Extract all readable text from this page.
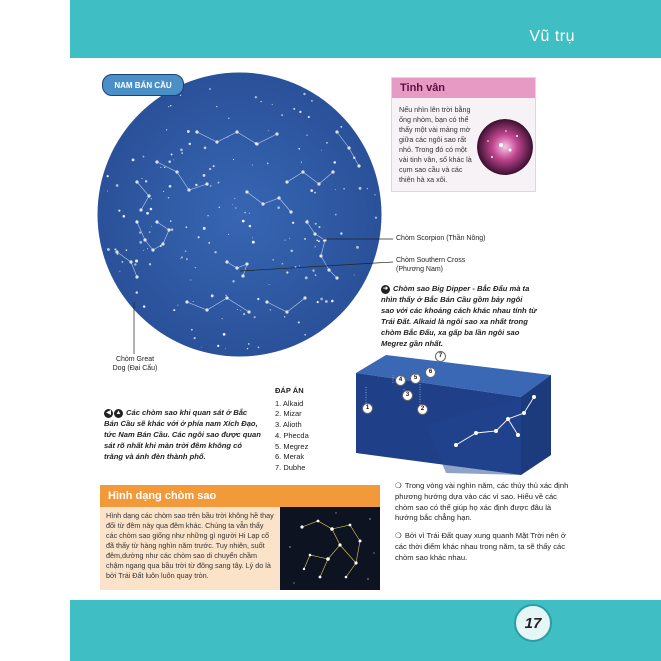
Vũ trụ
NAM BÁN CẦU
Chòm Scorpion (Thần Nông)
Chòm Southern Cross
(Phương Nam)
Chòm Great
Dog (Đại Cẩu)
Tinh vân
Nếu nhìn lên trời bằng ống nhòm, bạn có thể thấy một vài mảng mờ giữa các ngôi sao rất nhỏ. Trong đó có một vài tinh vân, số khác là cụm sao cầu và các thiên hà xa xôi.
➜ Chòm sao Big Dipper - Bắc Đẩu mà ta nhìn thấy ở Bắc Bán Cầu gồm bảy ngôi sao với các khoảng cách khác nhau tính từ Trái Đất. Alkaid là ngôi sao xa nhất trong chòm Bắc Đẩu, xa gấp ba lần ngôi sao Megrez gần nhất.
1	2
3
4	5
6
7
◀ ▲ Các chòm sao khi quan sát ở Bắc Bán Cầu sẽ khác với ở phía nam Xích Đạo, tức Nam Bán Cầu. Các ngôi sao được quan sát rõ nhất khi màn trời đêm không có trăng và ánh đèn thành phố.
ĐÁP ÁN
1. Alkaid
2. Mizar
3. Alioth
4. Phecda
5. Megrez
6. Merak
7. Dubhe
Hình dạng chòm sao
Hình dạng các chòm sao trên bầu trời không hề thay đổi từ đêm này qua đêm khác. Chúng ta vẫn thấy các chòm sao giống như những gì người Hi Lạp cổ đã thấy từ hàng nghìn năm trước. Tuy nhiên, suốt đêm,dường như các chòm sao di chuyển chầm chậm ngang qua bầu trời từ đông sang tây. Lý do là bởi Trái Đất luôn luôn quay tròn.

❍ Trong vòng vài nghìn năm, các thủy thủ xác định phương hướng dựa vào các vì sao. Hiểu về các chòm sao có thể giúp họ xác định được đâu là hướng bắc chẳng hạn.

❍ Bởi vì Trái Đất quay xung quanh Mặt Trời nên ở các thời điểm khác nhau trong năm, ta sẽ thấy các chòm sao khác nhau.

17
